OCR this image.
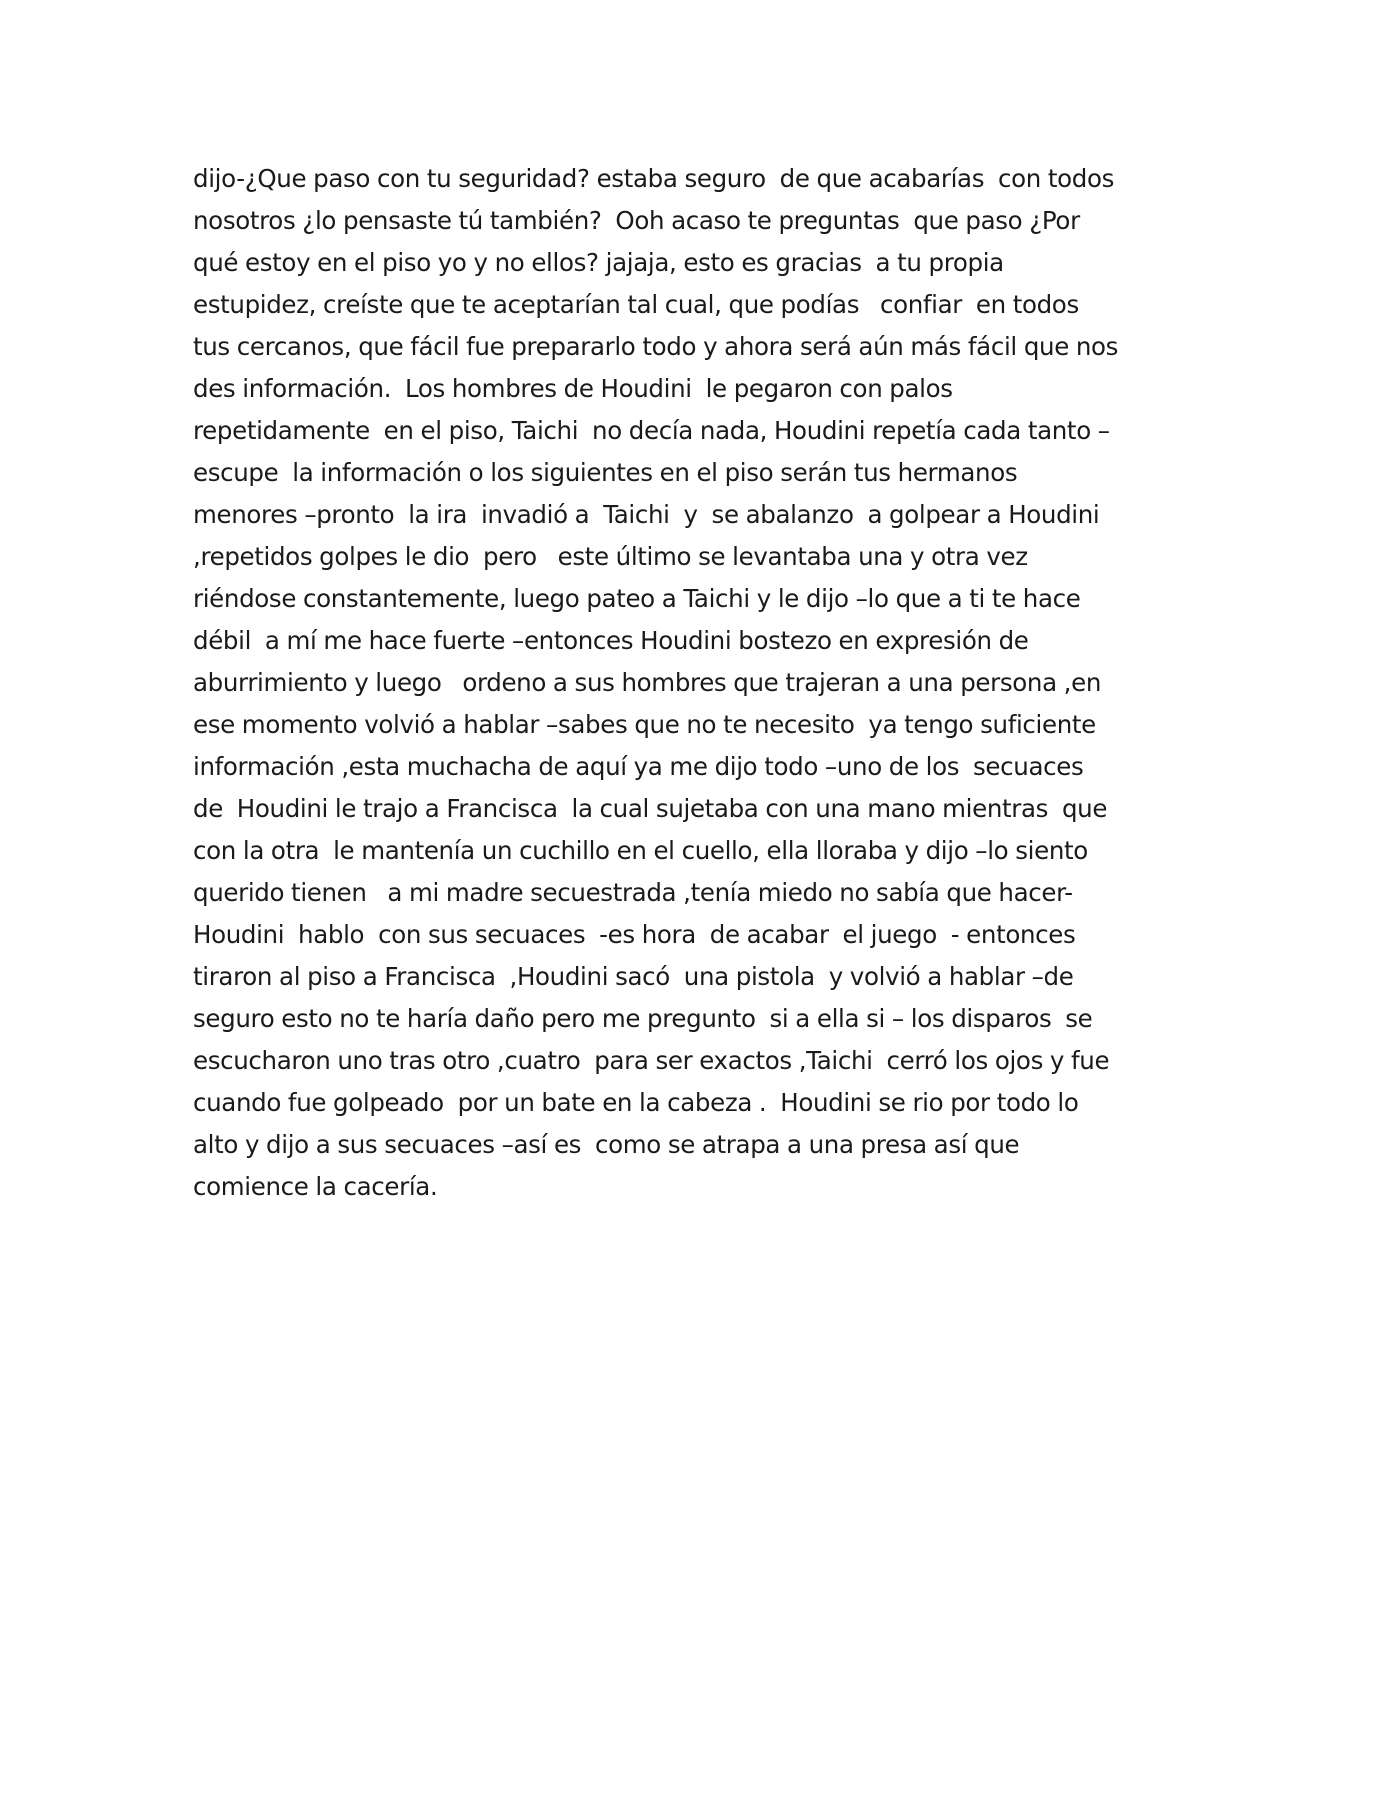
dijo-¿Que paso con tu seguridad? estaba seguro  de que acabarías  con todos
nosotros ¿lo pensaste tú también?  Ooh acaso te preguntas  que paso ¿Por
qué estoy en el piso yo y no ellos? jajaja, esto es gracias  a tu propia
estupidez, creíste que te aceptarían tal cual, que podías   confiar  en todos
tus cercanos, que fácil fue prepararlo todo y ahora será aún más fácil que nos
des información.  Los hombres de Houdini  le pegaron con palos
repetidamente  en el piso, Taichi  no decía nada, Houdini repetía cada tanto –
escupe  la información o los siguientes en el piso serán tus hermanos
menores –pronto  la ira  invadió a  Taichi  y  se abalanzo  a golpear a Houdini
,repetidos golpes le dio  pero   este último se levantaba una y otra vez
riéndose constantemente, luego pateo a Taichi y le dijo –lo que a ti te hace
débil  a mí me hace fuerte –entonces Houdini bostezo en expresión de
aburrimiento y luego   ordeno a sus hombres que trajeran a una persona ,en
ese momento volvió a hablar –sabes que no te necesito  ya tengo suficiente
información ,esta muchacha de aquí ya me dijo todo –uno de los  secuaces
de  Houdini le trajo a Francisca  la cual sujetaba con una mano mientras  que
con la otra  le mantenía un cuchillo en el cuello, ella lloraba y dijo –lo siento
querido tienen   a mi madre secuestrada ,tenía miedo no sabía que hacer-
Houdini  hablo  con sus secuaces  -es hora  de acabar  el juego  - entonces
tiraron al piso a Francisca  ,Houdini sacó  una pistola  y volvió a hablar –de
seguro esto no te haría daño pero me pregunto  si a ella si – los disparos  se
escucharon uno tras otro ,cuatro  para ser exactos ,Taichi  cerró los ojos y fue
cuando fue golpeado  por un bate en la cabeza .  Houdini se rio por todo lo
alto y dijo a sus secuaces –así es  como se atrapa a una presa así que
comience la cacería.
